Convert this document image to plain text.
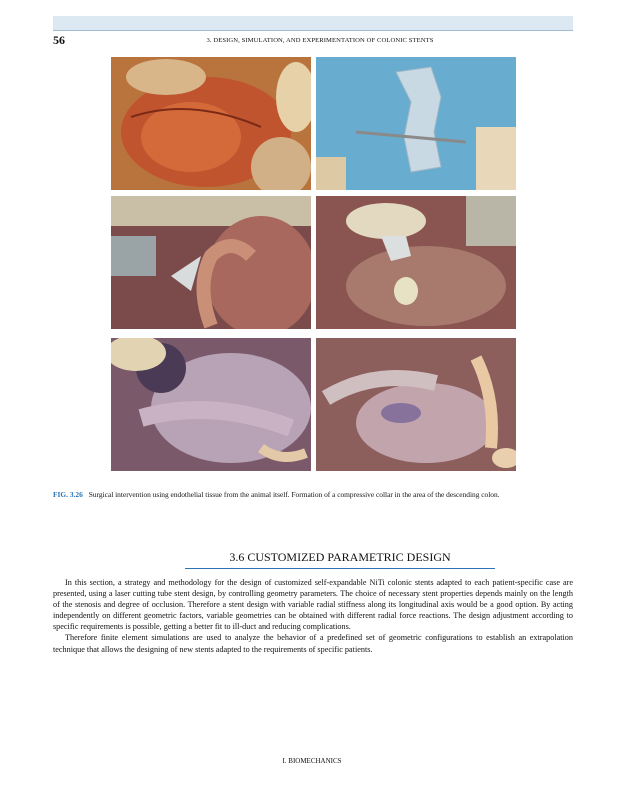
56	3. DESIGN, SIMULATION, AND EXPERIMENTATION OF COLONIC STENTS
FIG. 3.26 Surgical intervention using endothelial tissue from the animal itself. Formation of a compressive collar in the area of the descending colon.
3.6 CUSTOMIZED PARAMETRIC DESIGN

In this section, a strategy and methodology for the design of customized self-expandable NiTi colonic stents adapted to each patient-specific case are presented, using a laser cutting tube stent design, by controlling geometry parameters. The choice of necessary stent properties depends mainly on the length of the stenosis and degree of occlusion. Therefore a stent design with variable radial stiffness along its longitudinal axis would be a good option. By acting independently on different geometric factors, variable geometries can be obtained with different radial force reactions. The design adjustment according to specific requirements is possible, getting a better fit to ill-duct and reducing complications.

Therefore finite element simulations are used to analyze the behavior of a predefined set of geometric configurations to establish an extrapolation technique that allows the designing of new stents adapted to the requirements of specific patients.

I. BIOMECHANICS
